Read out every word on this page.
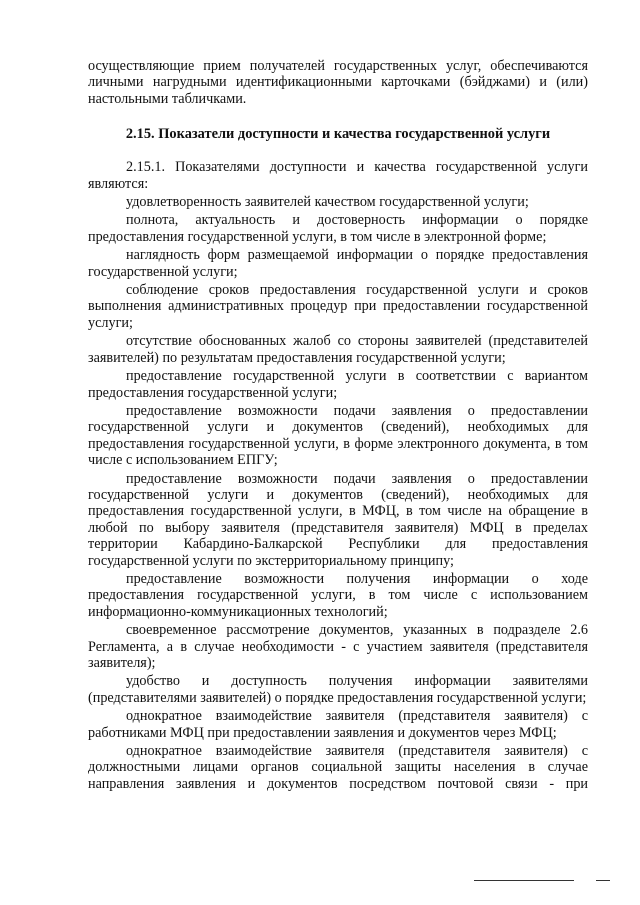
осуществляющие прием получателей государственных услуг, обеспечиваются личными нагрудными идентификационными карточками (бэйджами) и (или) настольными табличками.

2.15. Показатели доступности и качества государственной услуги

2.15.1. Показателями доступности и качества государственной услуги являются:

удовлетворенность заявителей качеством государственной услуги;

полнота, актуальность и достоверность информации о порядке предоставления государственной услуги, в том числе в электронной форме;

наглядность форм размещаемой информации о порядке предоставления государственной услуги;

соблюдение сроков предоставления государственной услуги и сроков выполнения административных процедур при предоставлении государственной услуги;

отсутствие обоснованных жалоб со стороны заявителей (представителей заявителей) по результатам предоставления государственной услуги;

предоставление государственной услуги в соответствии с вариантом предоставления государственной услуги;

предоставление возможности подачи заявления о предоставлении государственной услуги и документов (сведений), необходимых для предоставления государственной услуги, в форме электронного документа, в том числе с использованием ЕПГУ;

предоставление возможности подачи заявления о предоставлении государственной услуги и документов (сведений), необходимых для предоставления государственной услуги, в МФЦ, в том числе на обращение в любой по выбору заявителя (представителя заявителя) МФЦ в пределах территории Кабардино-Балкарской Республики для предоставления государственной услуги по экстерриториальному принципу;

предоставление возможности получения информации о ходе предоставления государственной услуги, в том числе с использованием информационно-коммуникационных технологий;

своевременное рассмотрение документов, указанных в подразделе 2.6 Регламента, а в случае необходимости - с участием заявителя (представителя заявителя);

удобство и доступность получения информации заявителями (представителями заявителей) о порядке предоставления государственной услуги;

однократное взаимодействие заявителя (представителя заявителя) с работниками МФЦ при предоставлении заявления и документов через МФЦ;

однократное взаимодействие заявителя (представителя заявителя) с должностными лицами органов социальной защиты населения в случае направления заявления и документов посредством почтовой связи - при
